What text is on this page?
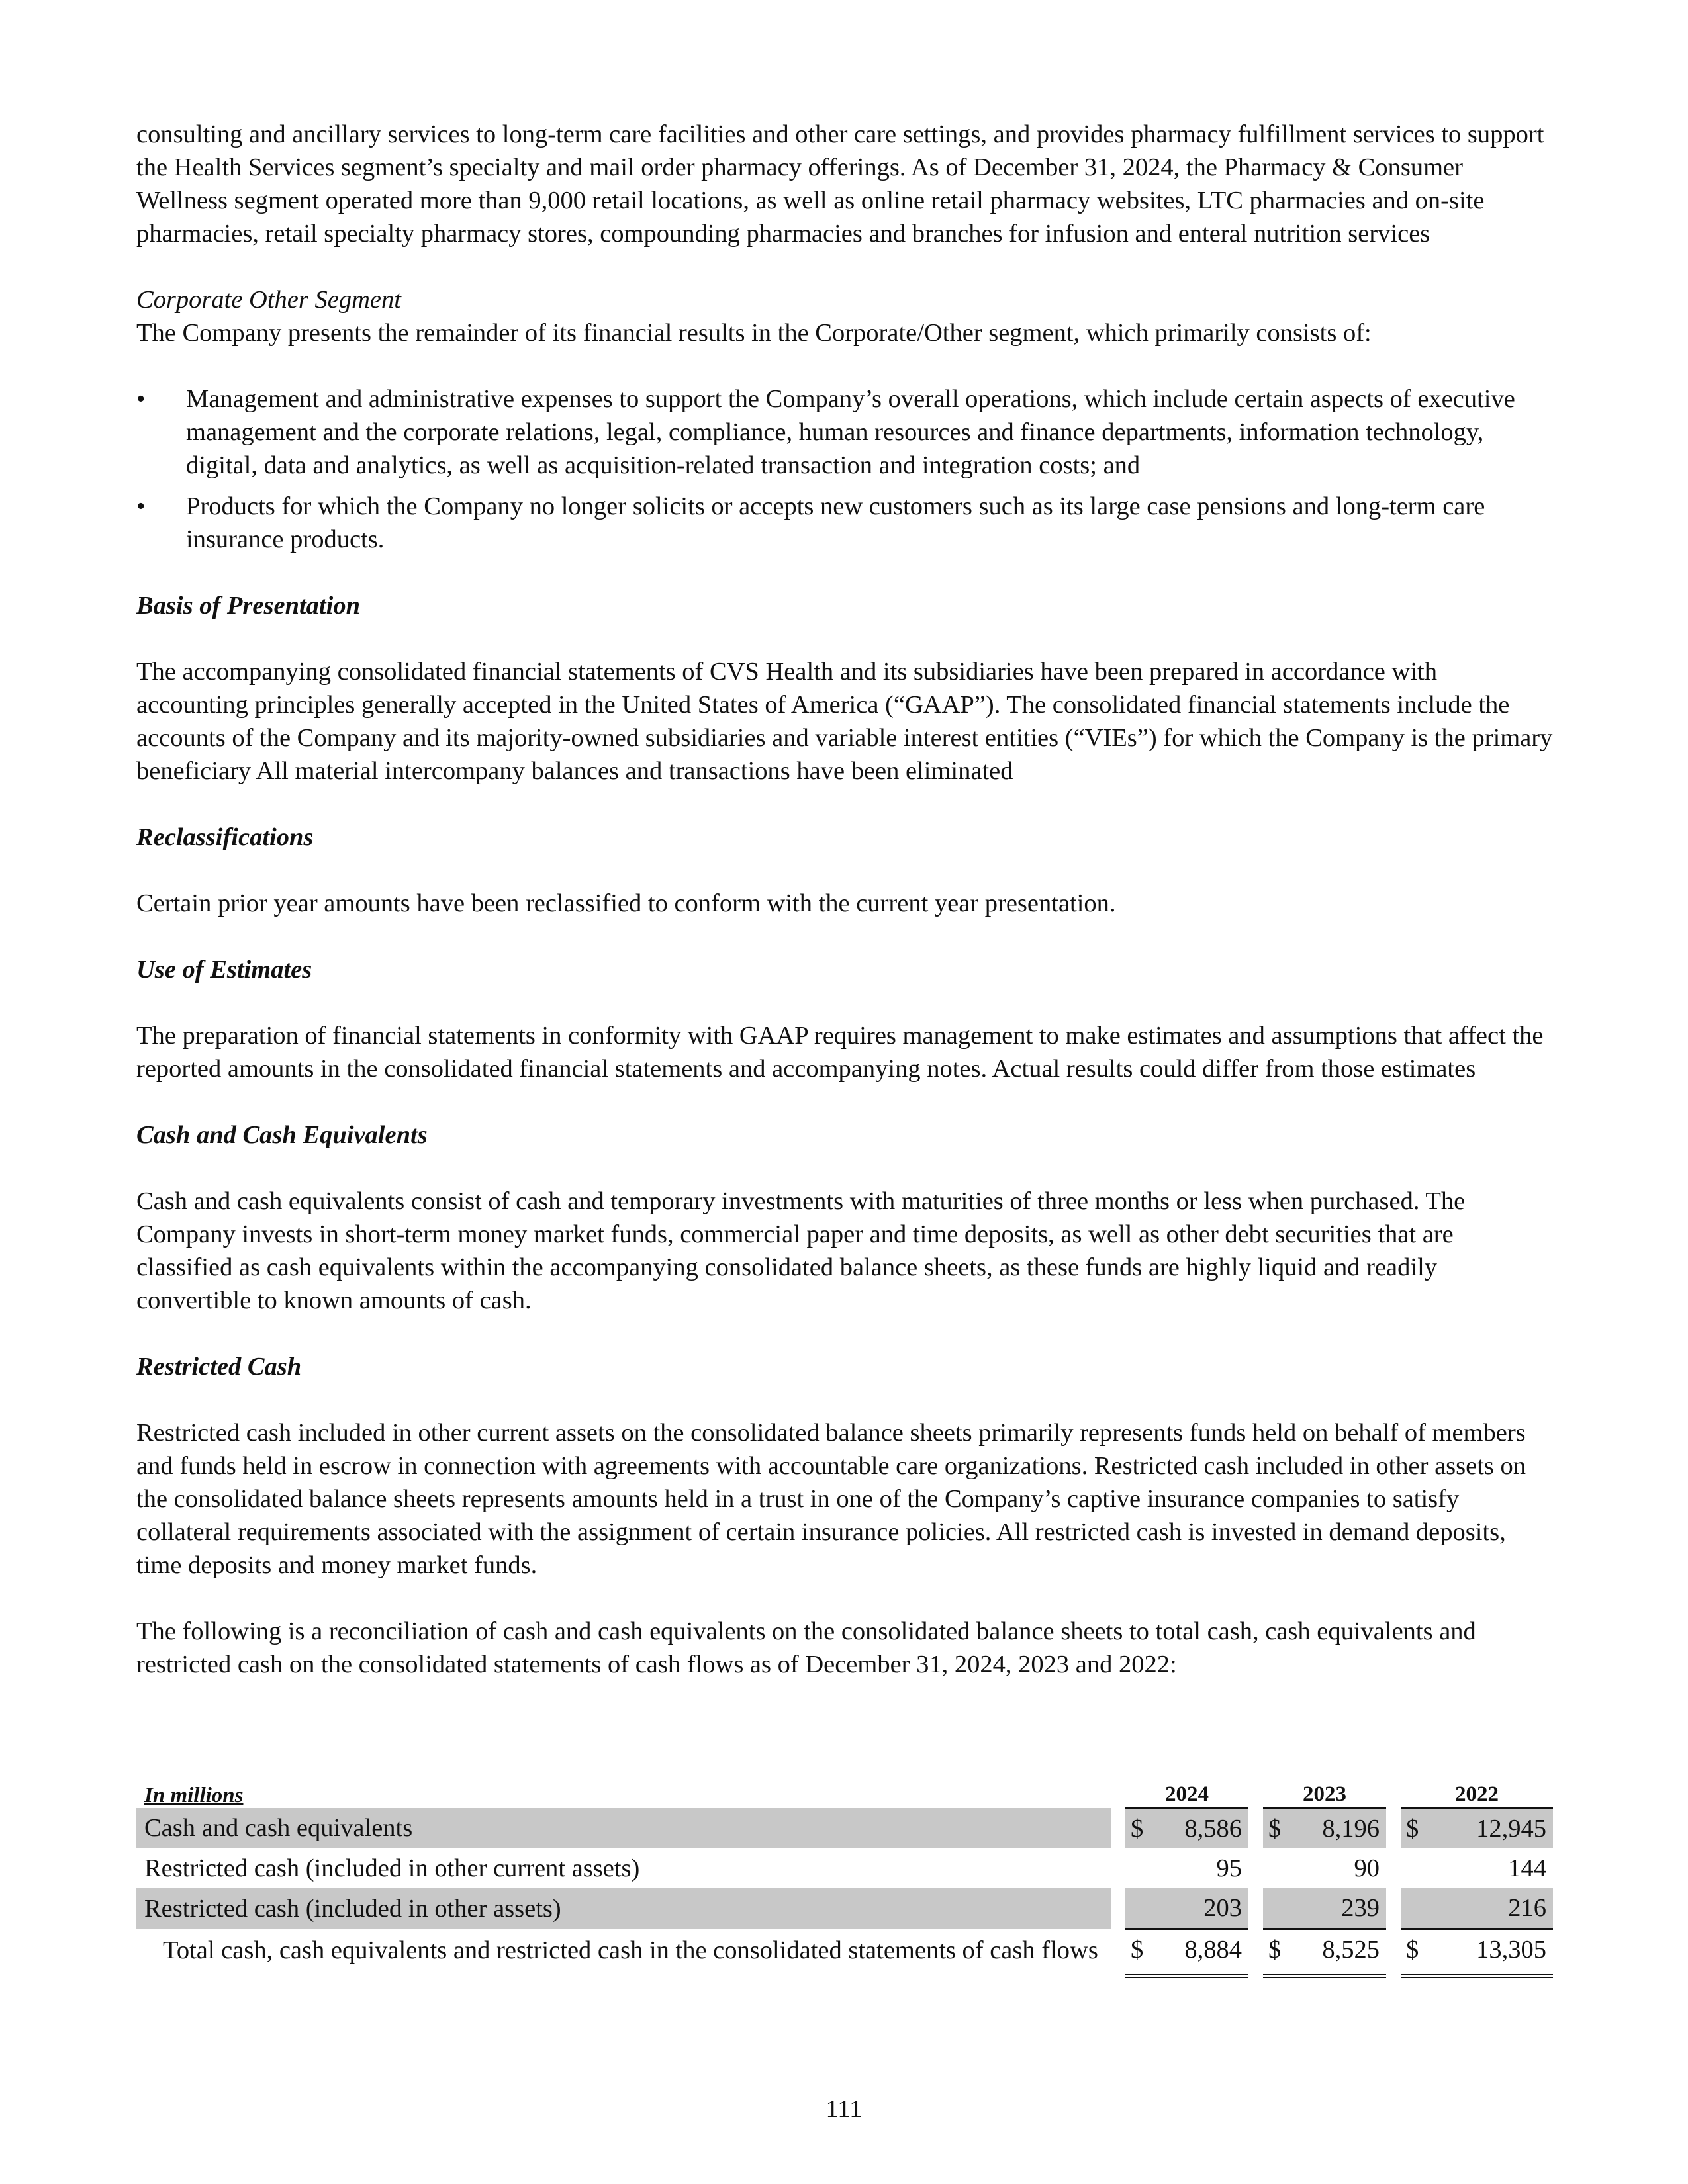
consulting and ancillary services to long-term care facilities and other care settings, and provides pharmacy fulfillment services to support the Health Services segment’s specialty and mail order pharmacy offerings. As of December 31, 2024, the Pharmacy & Consumer Wellness segment operated more than 9,000 retail locations, as well as online retail pharmacy websites, LTC pharmacies and on-site pharmacies, retail specialty pharmacy stores, compounding pharmacies and branches for infusion and enteral nutrition services

Corporate Other Segment

The Company presents the remainder of its financial results in the Corporate/Other segment, which primarily consists of:

• Management and administrative expenses to support the Company’s overall operations, which include certain aspects of executive management and the corporate relations, legal, compliance, human resources and finance departments, information technology, digital, data and analytics, as well as acquisition-related transaction and integration costs; and
• Products for which the Company no longer solicits or accepts new customers such as its large case pensions and long-term care insurance products.

Basis of Presentation

The accompanying consolidated financial statements of CVS Health and its subsidiaries have been prepared in accordance with accounting principles generally accepted in the United States of America (“GAAP”). The consolidated financial statements include the accounts of the Company and its majority-owned subsidiaries and variable interest entities (“VIEs”) for which the Company is the primary beneficiary All material intercompany balances and transactions have been eliminated

Reclassifications

Certain prior year amounts have been reclassified to conform with the current year presentation.

Use of Estimates

The preparation of financial statements in conformity with GAAP requires management to make estimates and assumptions that affect the reported amounts in the consolidated financial statements and accompanying notes. Actual results could differ from those estimates

Cash and Cash Equivalents

Cash and cash equivalents consist of cash and temporary investments with maturities of three months or less when purchased. The Company invests in short-term money market funds, commercial paper and time deposits, as well as other debt securities that are classified as cash equivalents within the accompanying consolidated balance sheets, as these funds are highly liquid and readily convertible to known amounts of cash.

Restricted Cash

Restricted cash included in other current assets on the consolidated balance sheets primarily represents funds held on behalf of members and funds held in escrow in connection with agreements with accountable care organizations. Restricted cash included in other assets on the consolidated balance sheets represents amounts held in a trust in one of the Company’s captive insurance companies to satisfy collateral requirements associated with the assignment of certain insurance policies. All restricted cash is invested in demand deposits, time deposits and money market funds.

The following is a reconciliation of cash and cash equivalents on the consolidated balance sheets to total cash, cash equivalents and restricted cash on the consolidated statements of cash flows as of December 31, 2024, 2023 and 2022:

In millions		2024			2023			2022	
Cash and cash equivalents		$	8,586		$	8,196		$	12,945
Restricted cash (included in other current assets)			95			90			144
Restricted cash (included in other assets)			203			239			216
Total cash, cash equivalents and restricted cash in the consolidated statements of cash flows		$	8,884		$	8,525		$	13,305
111
